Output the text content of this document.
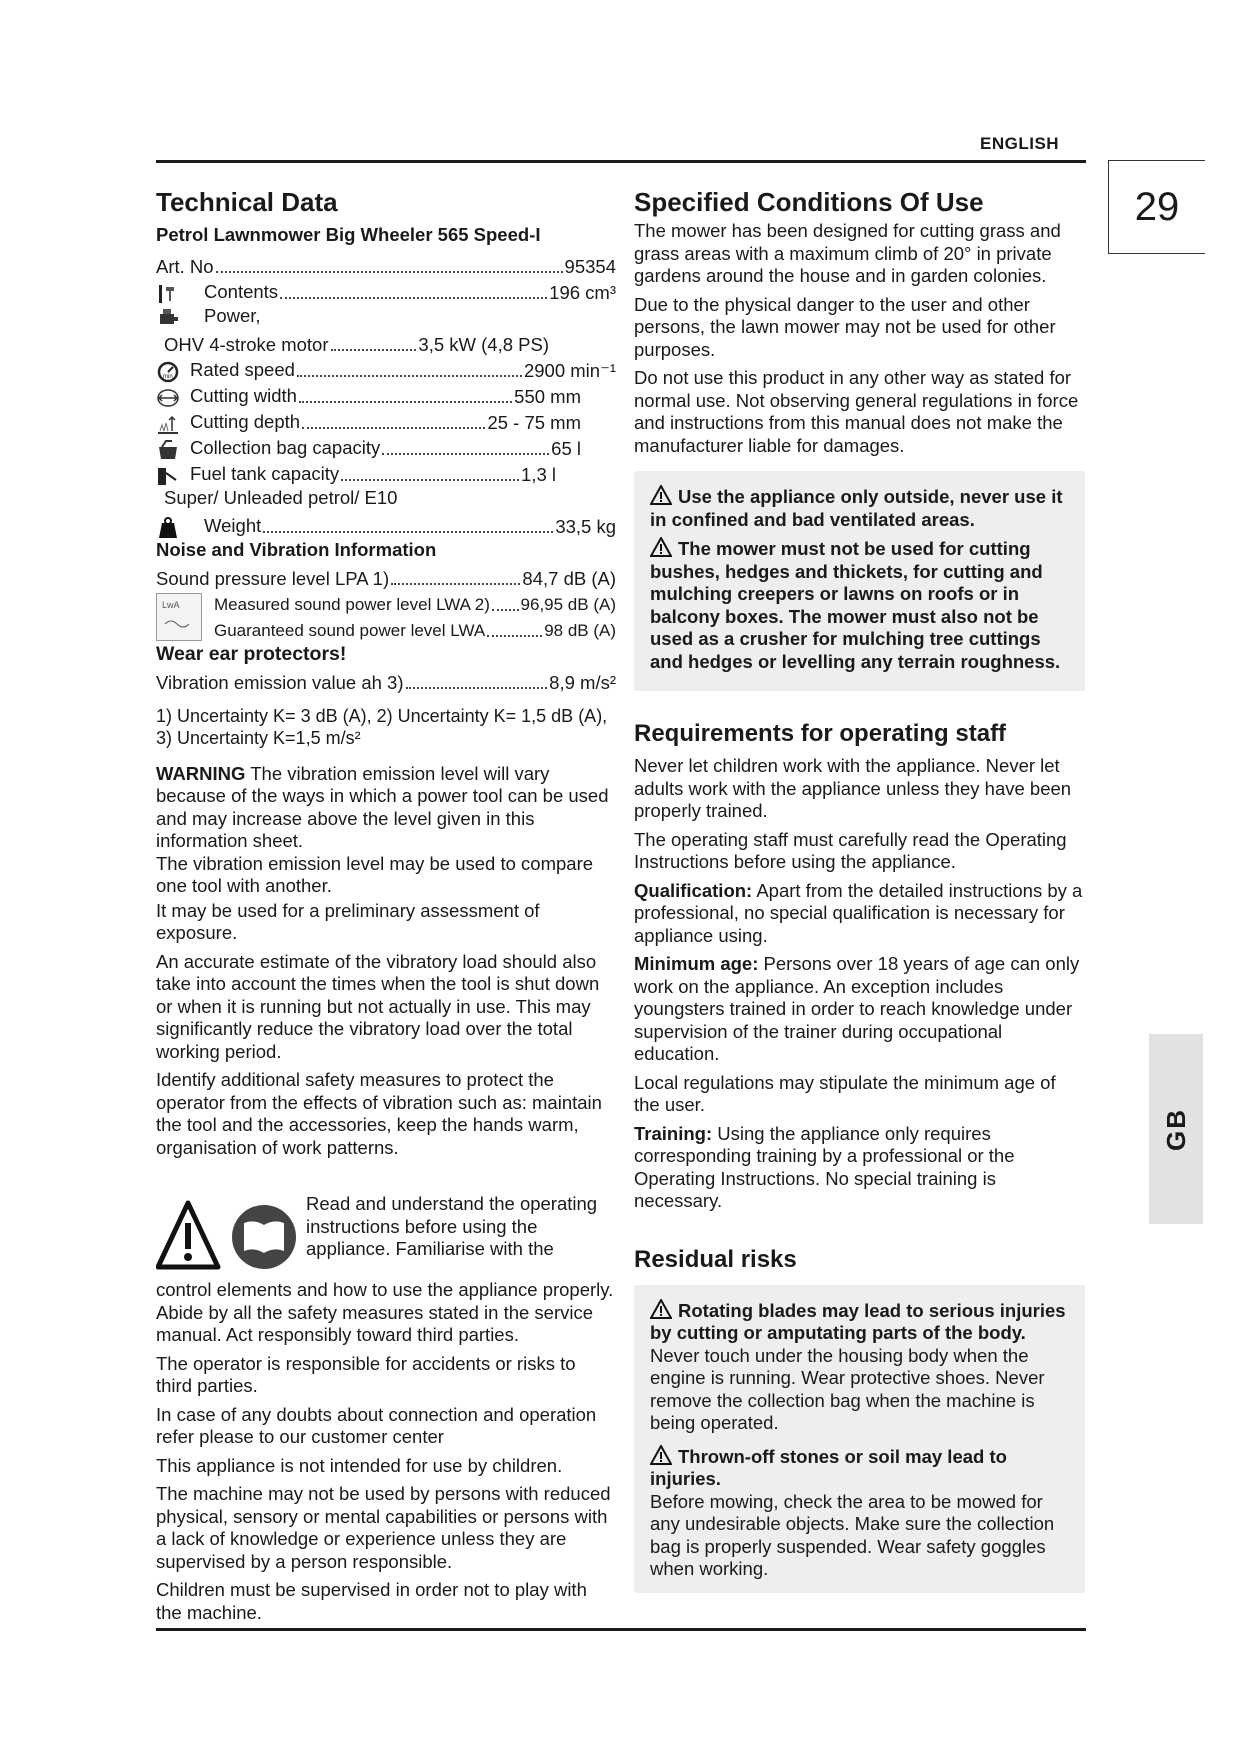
ENGLISH
29
GB
Technical Data
Petrol Lawnmower Big Wheeler 565 Speed-I
Art. No	95354
Contents	196 cm³
Power,
OHV 4-stroke motor	3,5 kW (4,8 PS)
min Rated speed	2900 min⁻¹
Cutting width	550 mm
Cutting depth	25 - 75 mm
Collection bag capacity	65 l
Fuel tank capacity	1,3 l
Super/ Unleaded petrol/ E10
Weight	33,5 kg
Noise and Vibration Information
Sound pressure level LPA 1)	84,7 dB (A)
LwA Measured sound power level LWA 2) 96,95 dB (A)
Guaranteed sound power level LWA	98 dB (A)
Wear ear protectors!
Vibration emission value ah 3)	8,9 m/s²
1) Uncertainty K= 3 dB (A), 2) Uncertainty K= 1,5 dB (A),
3) Uncertainty K=1,5 m/s²

WARNING The vibration emission level will vary because of the ways in which a power tool can be used and may increase above the level given in this information sheet.

The vibration emission level may be used to compare one tool with another.

It may be used for a preliminary assessment of exposure.

An accurate estimate of the vibratory load should also take into account the times when the tool is shut down or when it is running but not actually in use. This may significantly reduce the vibratory load over the total working period.

Identify additional safety measures to protect the operator from the effects of vibration such as: maintain the tool and the accessories, keep the hands warm, organisation of work patterns.

Read and understand the operating instructions before using the appliance. Familiarise with the

control elements and how to use the appliance properly. Abide by all the safety measures stated in the service manual. Act responsibly toward third parties.

The operator is responsible for accidents or risks to third parties.

In case of any doubts about connection and operation refer please to our customer center

This appliance is not intended for use by children.

The machine may not be used by persons with reduced physical, sensory or mental capabilities or persons with a lack of knowledge or experience unless they are supervised by a person responsible.

Children must be supervised in order not to play with the machine.

Specified Conditions Of Use

The mower has been designed for cutting grass and grass areas with a maximum climb of 20° in private gardens around the house and in garden colonies.

Due to the physical danger to the user and other persons, the lawn mower may not be used for other purposes.

Do not use this product in any other way as stated for normal use. Not observing general regulations in force and instructions from this manual does not make the manufacturer liable for damages.

Use the appliance only outside, never use it in confined and bad ventilated areas.

The mower must not be used for cutting bushes, hedges and thickets, for cutting and mulching creepers or lawns on roofs or in balcony boxes. The mower must also not be used as a crusher for mulching tree cuttings and hedges or levelling any terrain roughness.

Requirements for operating staff

Never let children work with the appliance. Never let adults work with the appliance unless they have been properly trained.

The operating staff must carefully read the Operating Instructions before using the appliance.

Qualification: Apart from the detailed instructions by a professional, no special qualification is necessary for appliance using.

Minimum age: Persons over 18 years of age can only work on the appliance. An exception includes youngsters trained in order to reach knowledge under supervision of the trainer during occupational education.

Local regulations may stipulate the minimum age of the user.

Training: Using the appliance only requires corresponding training by a professional or the Operating Instructions. No special training is necessary.

Residual risks

Rotating blades may lead to serious injuries by cutting or amputating parts of the body.

Never touch under the housing body when the engine is running. Wear protective shoes. Never remove the collection bag when the machine is being operated.

Thrown-off stones or soil may lead to injuries.

Before mowing, check the area to be mowed for any undesirable objects. Make sure the collection bag is properly suspended. Wear safety goggles when working.
